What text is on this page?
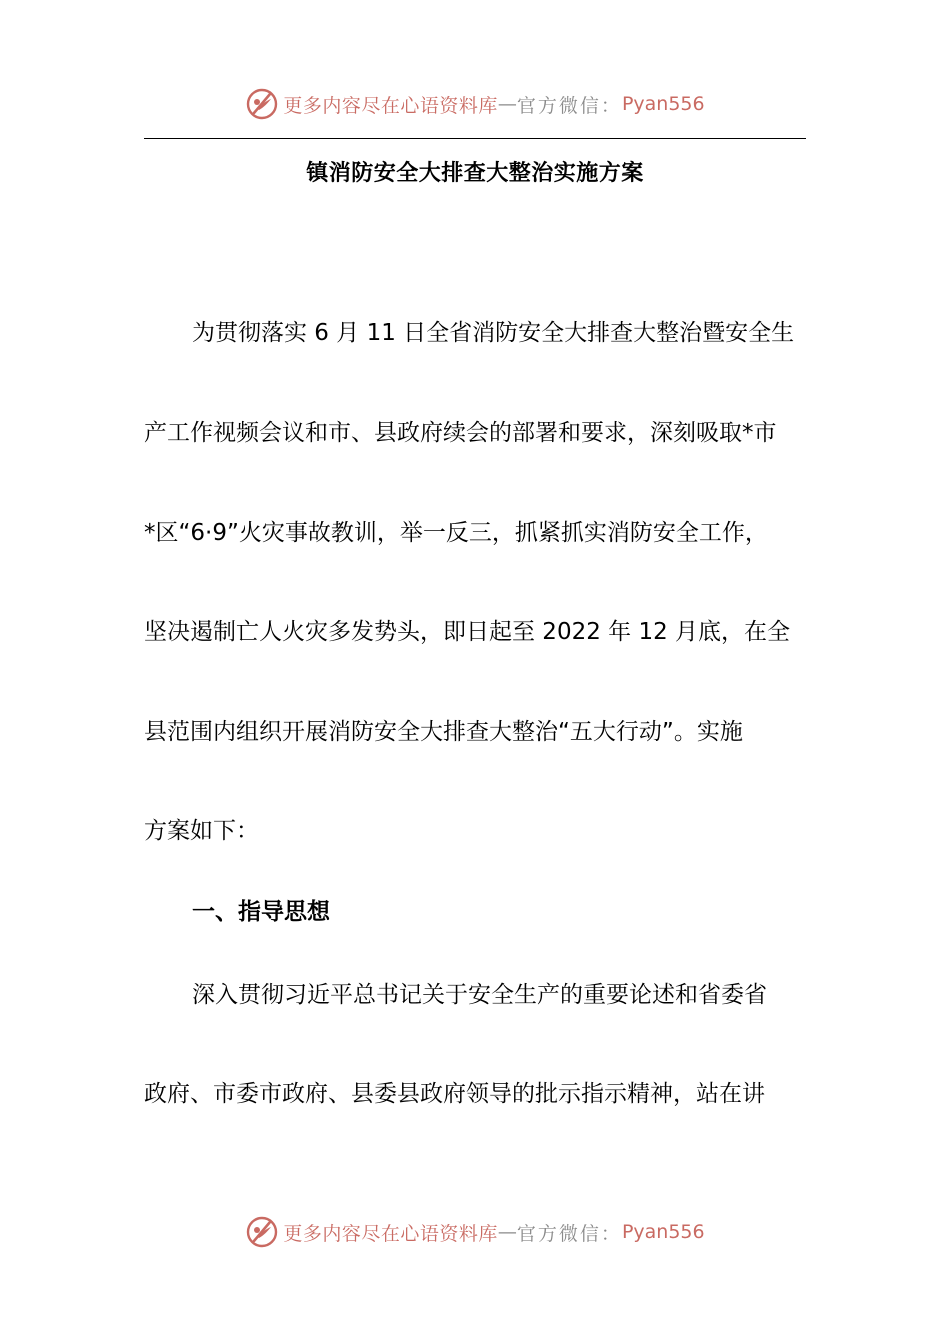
更多内容尽在心语资料库 — 官方微信： Pyan556
镇消防安全大排查大整治实施方案
为贯彻落实 6 月 11 日全省消防安全大排查大整治暨安全生
产工作视频会议和市、县政府续会的部署和要求，深刻吸取*市
*区“6·9”火灾事故教训，举一反三，抓紧抓实消防安全工作，
坚决遏制亡人火灾多发势头，即日起至 2022 年 12 月底，在全
县范围内组织开展消防安全大排查大整治“五大行动”。实施
方案如下：
一、指导思想
深入贯彻习近平总书记关于安全生产的重要论述和省委省
政府、市委市政府、县委县政府领导的批示指示精神，站在讲
更多内容尽在心语资料库 — 官方微信： Pyan556
